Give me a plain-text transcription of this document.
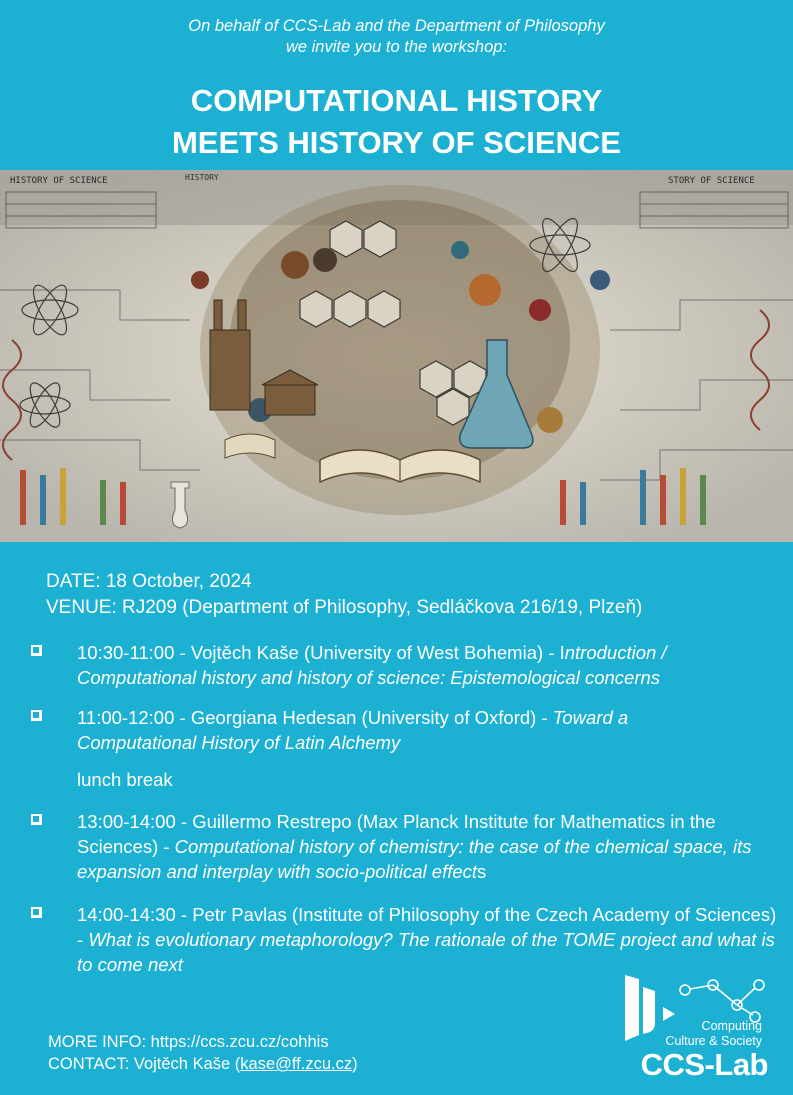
On behalf of CCS-Lab and the Department of Philosophy
we invite you to the workshop:
COMPUTATIONAL HISTORY
MEETS HISTORY OF SCIENCE
HISTORY OF SCIENCE	STORY OF SCIENCE
HISTORY
DATE: 18 October, 2024
VENUE: RJ209 (Department of Philosophy, Sedláčkova 216/19, Plzeň)
10:30-11:00 - Vojtěch Kaše (University of West Bohemia) - Introduction / Computational history and history of science: Epistemological concerns
11:00-12:00 - Georgiana Hedesan (University of Oxford) - Toward a Computational History of Latin Alchemy
13:00-14:00 - Guillermo Restrepo (Max Planck Institute for Mathematics in the Sciences) - Computational history of chemistry: the case of the chemical space, its expansion and interplay with socio-political effects
14:00-14:30 - Petr Pavlas (Institute of Philosophy of the Czech Academy of Sciences) - What is evolutionary metaphorology? The rationale of the TOME project and what is to come next
lunch break
MORE INFO: https://ccs.zcu.cz/cohhis
CONTACT: Vojtěch Kaše (kase@ff.zcu.cz)
Computing
Culture & Society
CCS-Lab
